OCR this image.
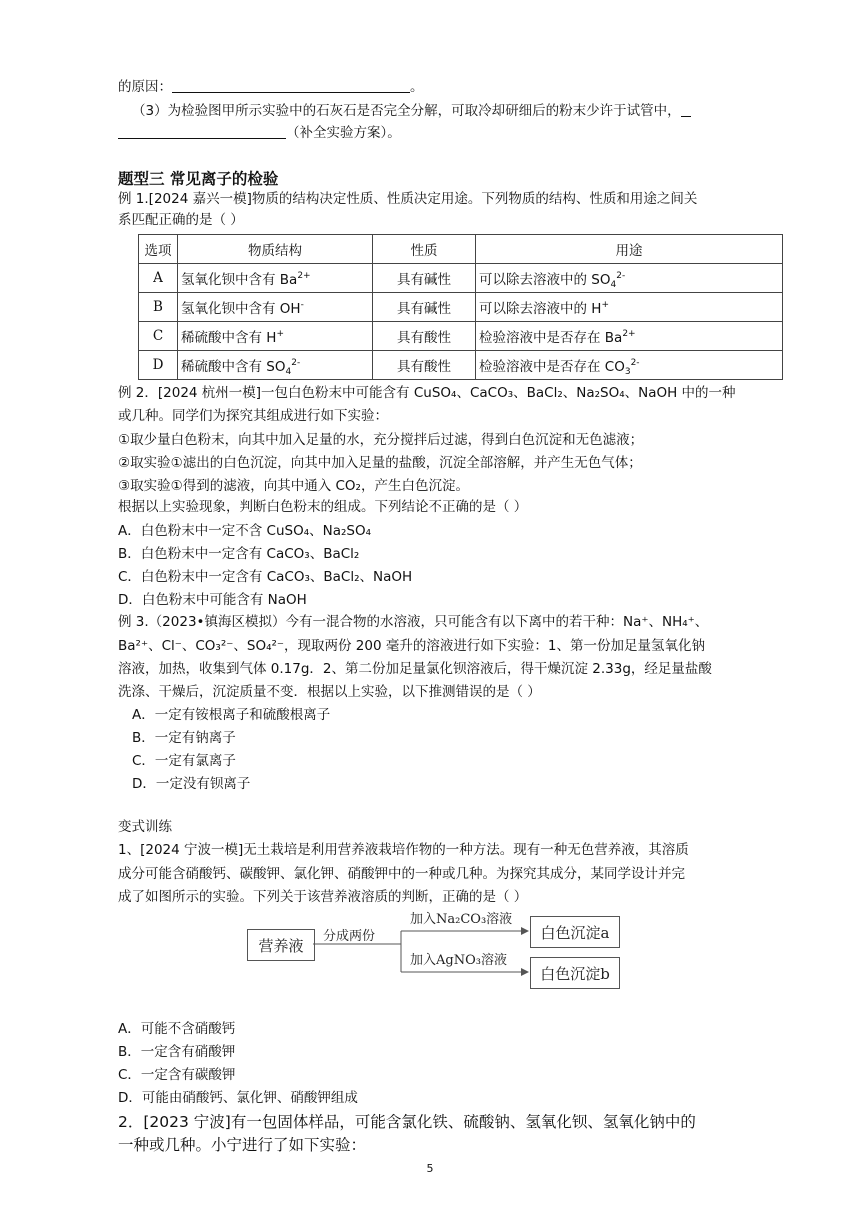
的原因：	。
（3）为检验图甲所示实验中的石灰石是否完全分解，可取冷却研细后的粉末少许于试管中，
（补全实验方案）。
题型三 常见离子的检验
例 1.[2024 嘉兴一模]物质的结构决定性质、性质决定用途。下列物质的结构、性质和用途之间关
系匹配正确的是（ ）
选项	物质结构	性质	用途
A	氢氧化钡中含有 $Ba^{2+}$	具有碱性	可以除去溶液中的 $SO_4^{2-}$
B	氢氧化钡中含有 OH-	具有碱性	可以除去溶液中的 H+
C	稀硫酸中含有 H+	具有酸性	检验溶液中是否存在 $Ba^{2+}$
D	稀硫酸中含有 $SO_4^{2-}$	具有酸性	检验溶液中是否存在 $CO_3^{2-}$
例 2．[2024 杭州一模]一包白色粉末中可能含有 CuSO₄、CaCO₃、BaCl₂、Na₂SO₄、NaOH 中的一种
或几种。同学们为探究其组成进行如下实验：
①取少量白色粉末，向其中加入足量的水，充分搅拌后过滤，得到白色沉淀和无色滤液；
②取实验①滤出的白色沉淀，向其中加入足量的盐酸，沉淀全部溶解，并产生无色气体；
③取实验①得到的滤液，向其中通入 CO₂，产生白色沉淀。
根据以上实验现象，判断白色粉末的组成。下列结论不正确的是（ ）
A．白色粉末中一定不含 CuSO₄、Na₂SO₄
B．白色粉末中一定含有 CaCO₃、BaCl₂
C．白色粉末中一定含有 CaCO₃、BaCl₂、NaOH
D．白色粉末中可能含有 NaOH
例 3.（2023•镇海区模拟）今有一混合物的水溶液，只可能含有以下离中的若干种：Na⁺、NH₄⁺、
Ba²⁺、Cl⁻、CO₃²⁻、SO₄²⁻，现取两份 200 毫升的溶液进行如下实验：1、第一份加足量氢氧化钠
溶液，加热，收集到气体 0.17g．2、第二份加足量氯化钡溶液后，得干燥沉淀 2.33g，经足量盐酸
洗涤、干燥后，沉淀质量不变．根据以上实验，以下推测错误的是（ ）
A．一定有铵根离子和硫酸根离子
B．一定有钠离子
C．一定有氯离子
D．一定没有钡离子
变式训练
1、[2024 宁波一模]无土栽培是利用营养液栽培作物的一种方法。现有一种无色营养液，其溶质
成分可能含硝酸钙、碳酸钾、氯化钾、硝酸钾中的一种或几种。为探究其成分，某同学设计并完
成了如图所示的实验。下列关于该营养液溶质的判断，正确的是（ ）
营养液	分成两份
加入Na₂CO₃溶液
加入AgNO₃溶液
白色沉淀a
白色沉淀b
A．可能不含硝酸钙
B．一定含有硝酸钾
C．一定含有碳酸钾
D．可能由硝酸钙、氯化钾、硝酸钾组成
2．[2023 宁波]有一包固体样品，可能含氯化铁、硫酸钠、氢氧化钡、氢氧化钠中的
一种或几种。小宁进行了如下实验：
5
